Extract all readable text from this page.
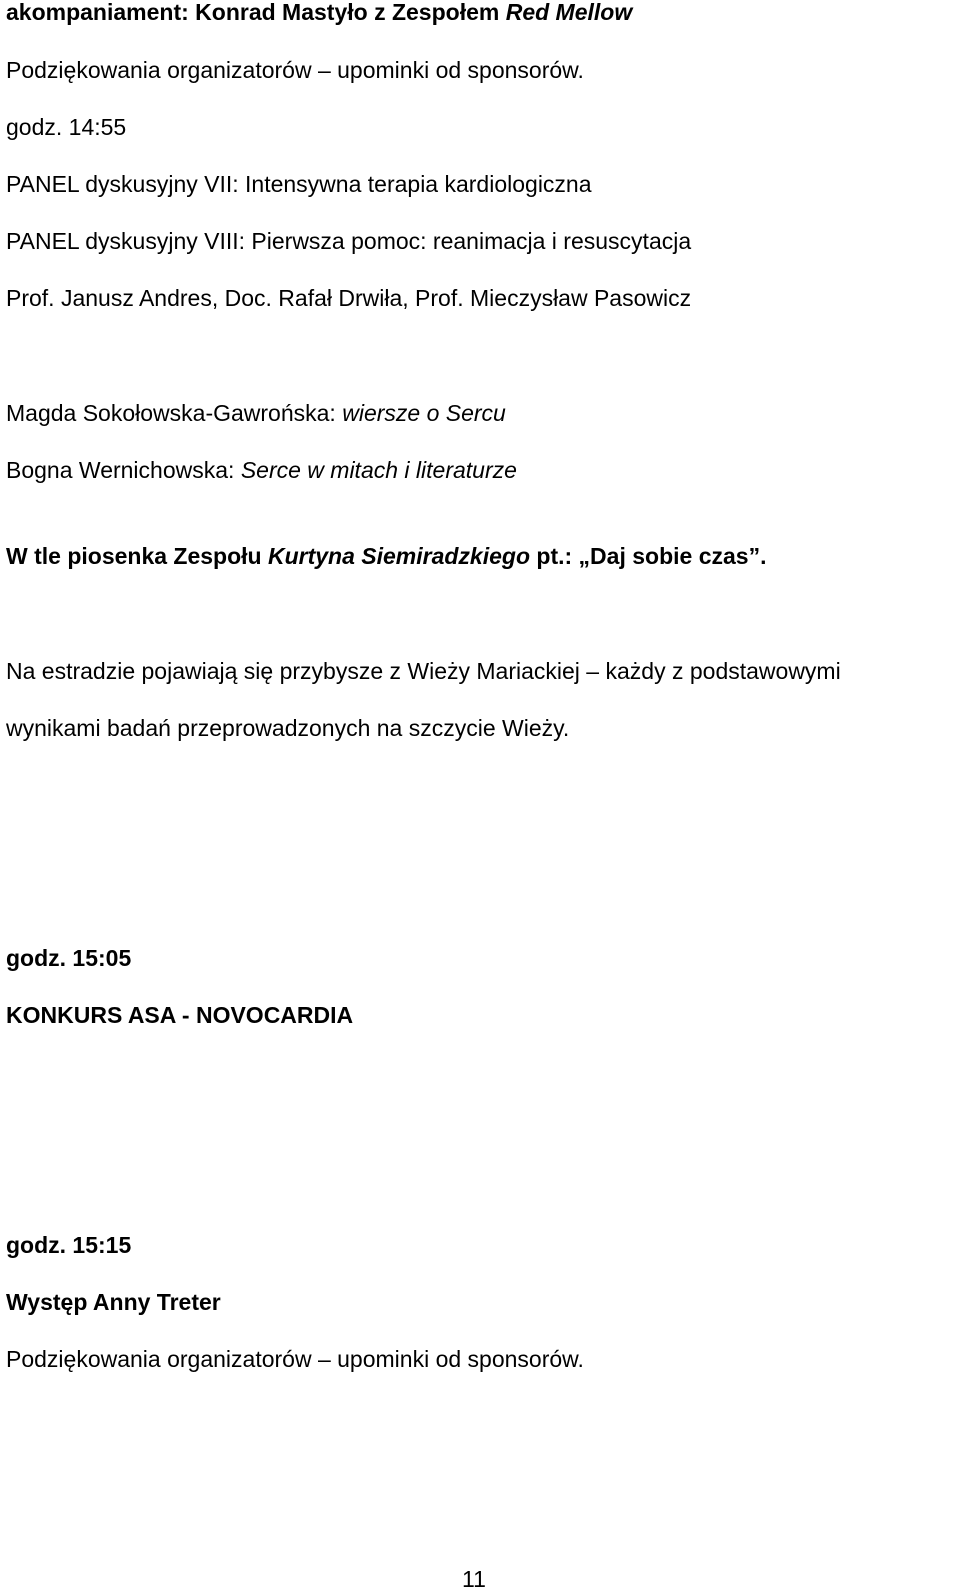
akompaniament: Konrad Mastyło z Zespołem Red Mellow
Podziękowania organizatorów – upominki od sponsorów.
godz. 14:55
PANEL dyskusyjny VII: Intensywna terapia kardiologiczna
PANEL dyskusyjny VIII: Pierwsza pomoc: reanimacja i resuscytacja
Prof. Janusz Andres, Doc. Rafał Drwiła, Prof. Mieczysław Pasowicz
Magda Sokołowska-Gawrońska: wiersze o Sercu
Bogna Wernichowska: Serce w mitach i literaturze
W tle piosenka Zespołu Kurtyna Siemiradzkiego pt.: „Daj sobie czas”.
Na estradzie pojawiają się przybysze z Wieży Mariackiej – każdy z podstawowymi
wynikami badań przeprowadzonych na szczycie Wieży.
godz. 15:05
KONKURS ASA - NOVOCARDIA
godz. 15:15
Występ Anny Treter
Podziękowania organizatorów – upominki od sponsorów.
11
